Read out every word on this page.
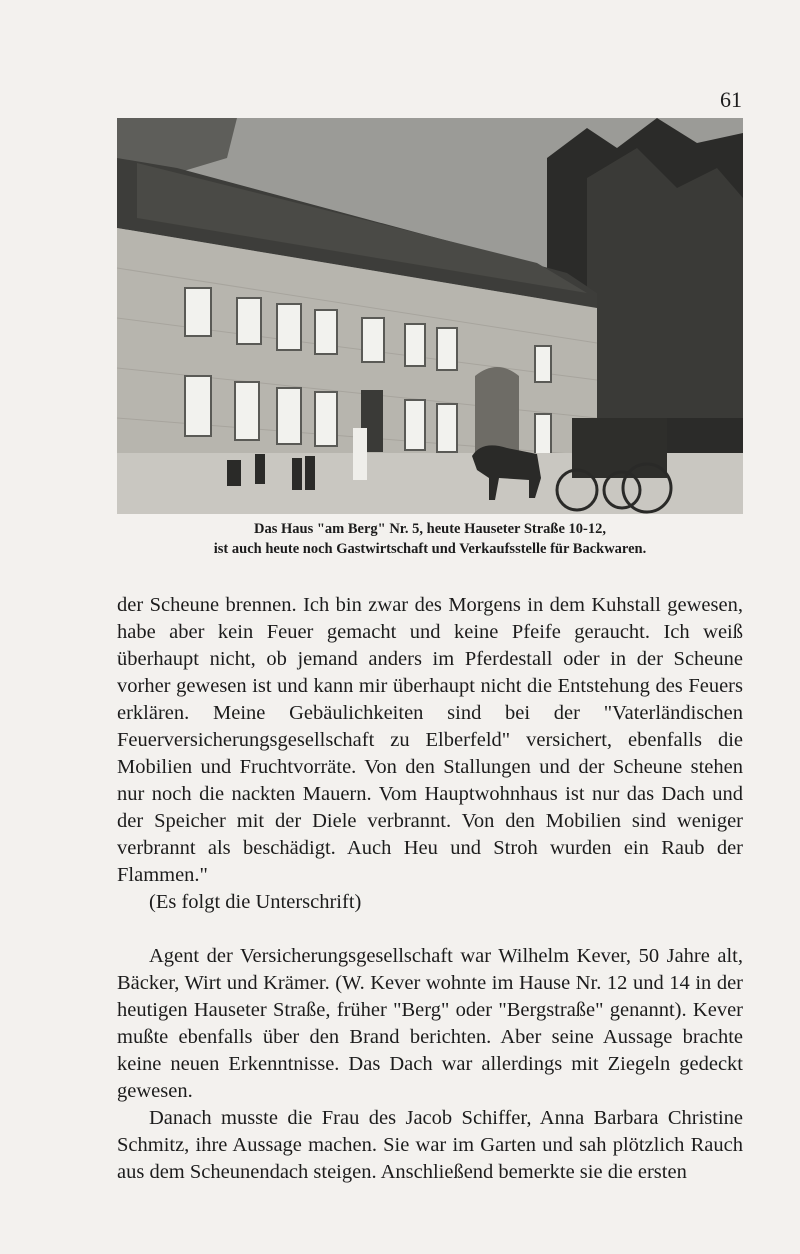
61
Das Haus "am Berg" Nr. 5, heute Hauseter Straße 10-12,
ist auch heute noch Gastwirtschaft und Verkaufsstelle für Backwaren.

der Scheune brennen. Ich bin zwar des Morgens in dem Kuhstall gewesen, habe aber kein Feuer gemacht und keine Pfeife geraucht. Ich weiß überhaupt nicht, ob jemand anders im Pferdestall oder in der Scheune vorher gewesen ist und kann mir überhaupt nicht die Entstehung des Feuers erklären. Meine Gebäulichkeiten sind bei der "Vaterländischen Feuerversicherungsgesellschaft zu Elberfeld" versichert, ebenfalls die Mobilien und Fruchtvorräte. Von den Stallungen und der Scheune stehen nur noch die nackten Mauern. Vom Hauptwohnhaus ist nur das Dach und der Speicher mit der Diele verbrannt. Von den Mobilien sind weniger verbrannt als beschädigt. Auch Heu und Stroh wurden ein Raub der Flammen."

(Es folgt die Unterschrift)

Agent der Versicherungsgesellschaft war Wilhelm Kever, 50 Jahre alt, Bäcker, Wirt und Krämer. (W. Kever wohnte im Hause Nr. 12 und 14 in der heutigen Hauseter Straße, früher "Berg" oder "Bergstraße" genannt). Kever mußte ebenfalls über den Brand berichten. Aber seine Aussage brachte keine neuen Erkenntnisse. Das Dach war allerdings mit Ziegeln gedeckt gewesen.

Danach musste die Frau des Jacob Schiffer, Anna Barbara Christine Schmitz, ihre Aussage machen. Sie war im Garten und sah plötzlich Rauch aus dem Scheunendach steigen. Anschließend bemerkte sie die ersten
